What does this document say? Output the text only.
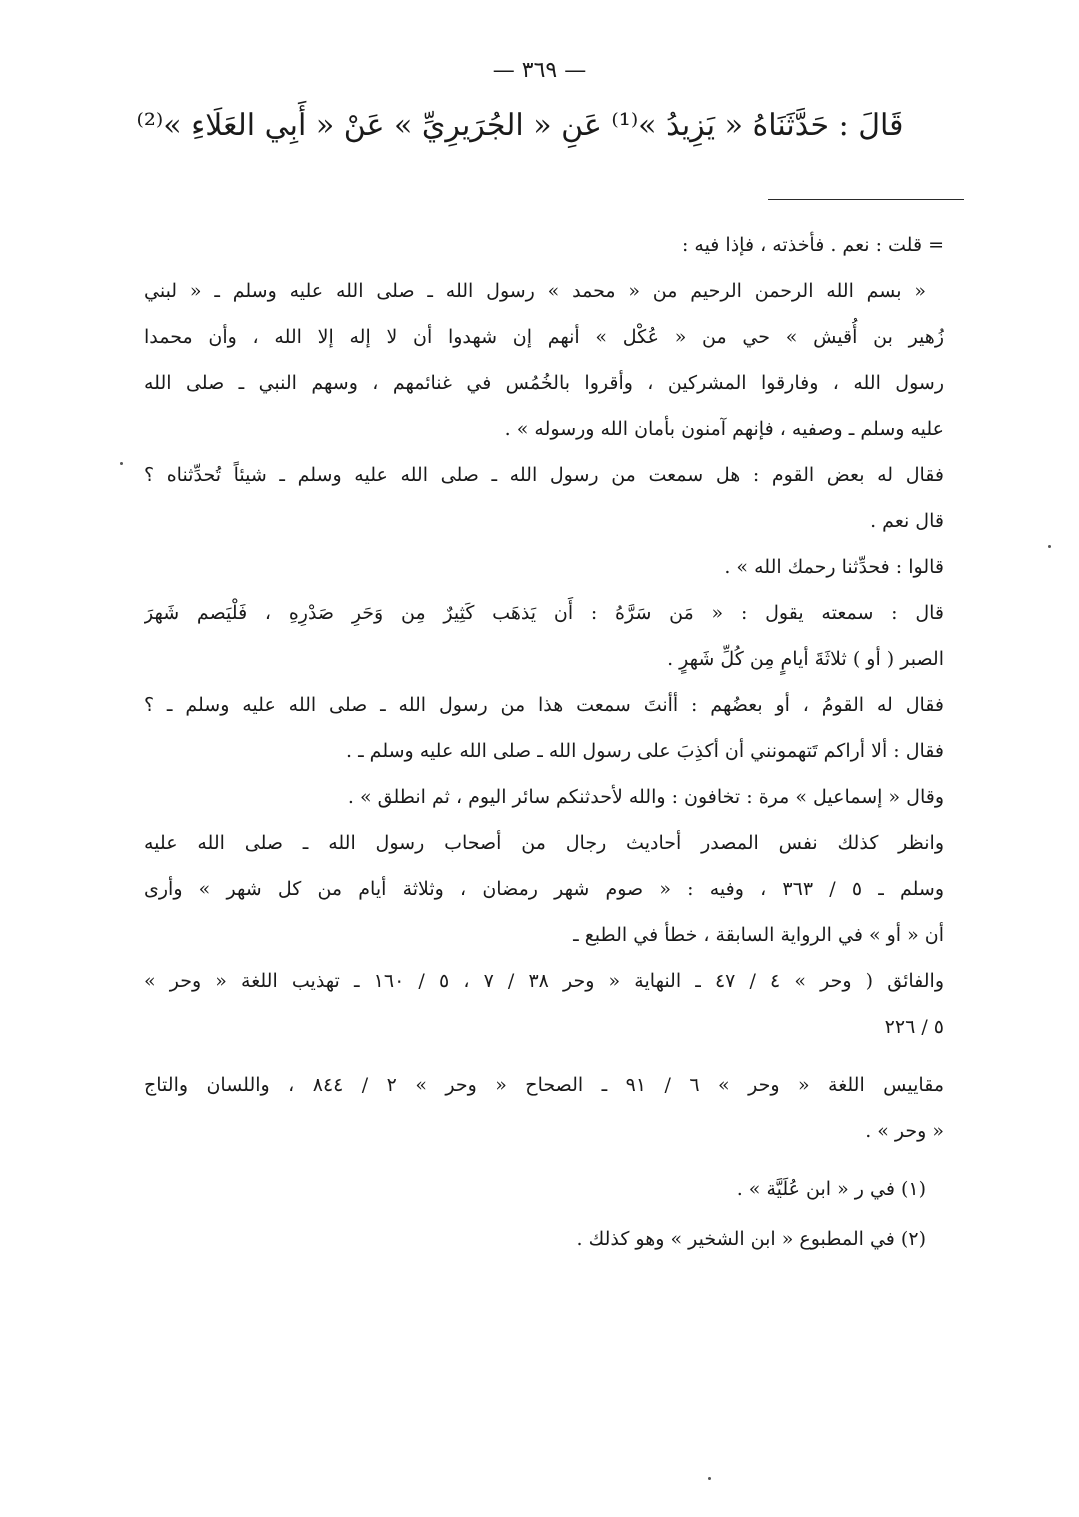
— ٣٦٩ —
قَالَ : حَدَّثَنَاهُ « يَزِيدُ »⁽¹⁾ عَنِ « الجُرَيرِيِّ » عَنْ « أَبِي العَلَاءِ »⁽²⁾
= قلت : نعم . فأخذته ، فإذا فيه :
« بسم الله الرحمن الرحيم من « محمد » رسول الله ـ صلى الله عليه وسلم ـ « لبني
زُهير بن أُقيش » حي من « عُكْل » أنهم إن شهدوا أن لا إله إلا الله ، وأن محمدا
رسول الله ، وفارقوا المشركين ، وأقروا بالخُمُس في غنائمهم ، وسهم النبي ـ صلى الله
عليه وسلم ـ وصفيه ، فإنهم آمنون بأمان الله ورسوله » .
فقال له بعض القوم : هل سمعت من رسول الله ـ صلى الله عليه وسلم ـ شيئاً تُحدِّثناه ؟
قال نعم .
قالوا : فحدِّثنا رحمك الله » .
قال : سمعته يقول : « مَن سَرَّهُ : أَن يَذهَب كَثِيرٌ مِن وَحَرِ صَدْرِهِ ، فَلْيَصم شَهرَ
الصبر ( أو ) ثلاثَةَ أيامٍ مِن كُلِّ شَهرٍ .
فقال له القومُ ، أو بعضُهم : أأنتَ سمعت هذا من رسول الله ـ صلى الله عليه وسلم ـ ؟
فقال : ألا أراكم تَتهمونني أن أكذِبَ على رسول الله ـ صلى الله عليه وسلم ـ .
وقال « إسماعيل » مرة : تخافون : والله لأحدثنكم سائر اليوم ، ثم انطلق » .
وانظر كذلك نفس المصدر أحاديث رجال من أصحاب رسول الله ـ صلى الله عليه
وسلم ـ ٥ / ٣٦٣ ، وفيه : « صوم شهر رمضان ، وثلاثة أيام من كل شهر » وأرى
أن « أو » في الرواية السابقة ، خطأ في الطبع ـ
والفائق ( وحر » ٤ / ٤٧ ـ النهاية « وحر ٣٨ / ٧ ، ٥ / ١٦٠ ـ تهذيب اللغة « وحر »
٥ / ٢٢٦
مقاييس اللغة « وحر » ٦ / ٩١ ـ الصحاح « وحر » ٢ / ٨٤٤ ، واللسان والتاج
« وحر » .
(١) في ر « ابن عُلَيَّة » .
(٢) في المطبوع « ابن الشخير » وهو كذلك .
